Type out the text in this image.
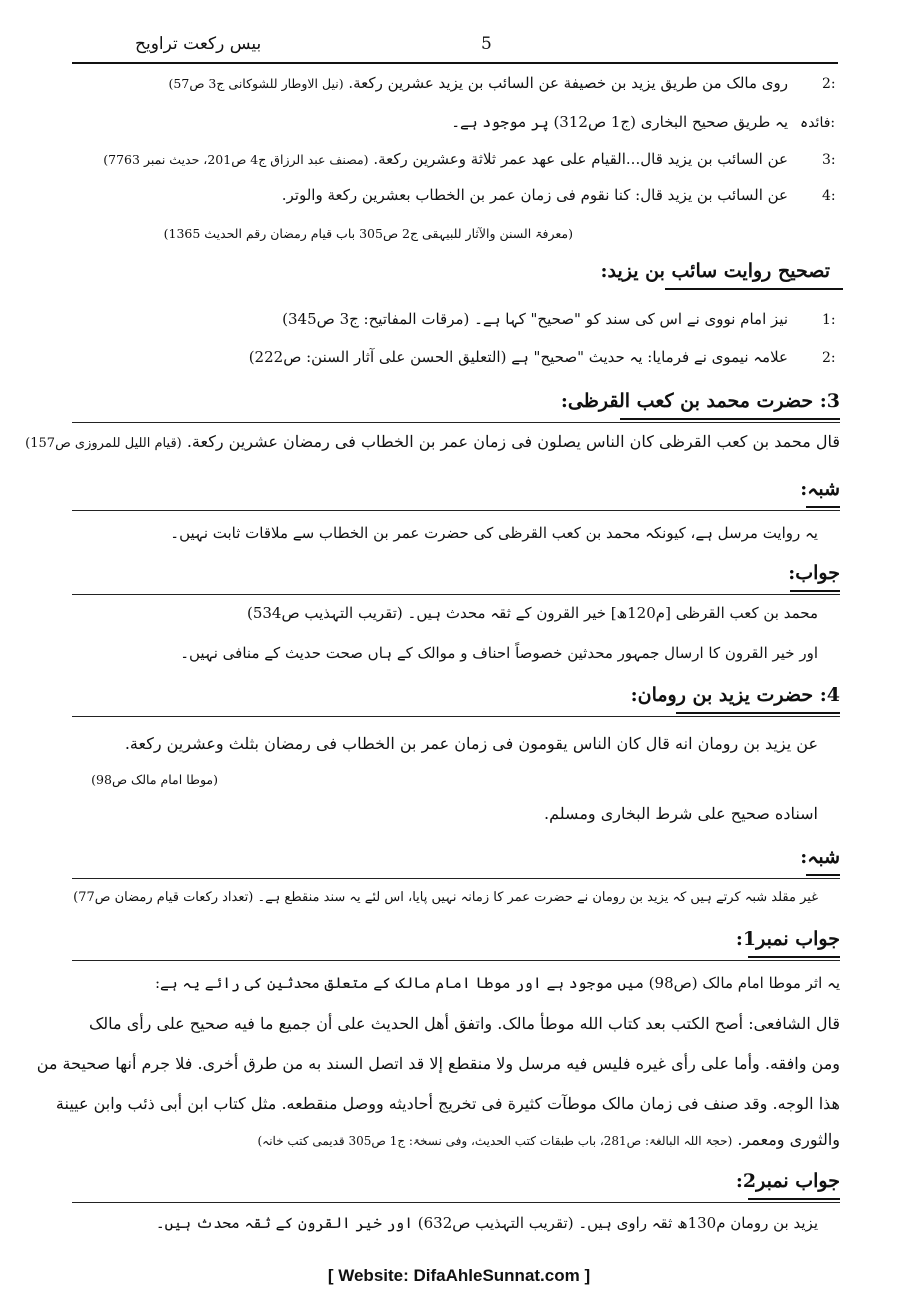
بیس رکعت تراویح	5
2:
روی مالک من طریق یزید بن خصیفة عن السائب بن یزید عشرین رکعة. (نیل الاوطار للشوکانی ج3 ص57)
فائدہ:
یہ طریق صحیح البخاری (ج1 ص312) پر موجود ہے۔
3:
عن السائب بن یزید قال...القیام علی عهد عمر ثلاثة وعشرین رکعة. (مصنف عبد الرزاق ج4 ص201، حدیث نمبر 7763)
4:
عن السائب بن یزید قال: کنا نقوم فی زمان عمر بن الخطاب بعشرین رکعة والوتر.
(معرفۃ السنن والآثار للبیہقی ج2 ص305 باب قیام رمضان رقم الحدیث 1365)
تصحیح روایت سائب بن یزید:
1:
نیز امام نووی نے اس کی سند کو "صحیح" کہا ہے۔ (مرقات المفاتیح: ج3 ص345)
2:
علامہ نیموی نے فرمایا: یہ حدیث "صحیح" ہے (التعلیق الحسن علی آثار السنن: ص222)
3: حضرت محمد بن کعب القرظی:
قال محمد بن کعب القرظی کان الناس یصلون فی زمان عمر بن الخطاب فی رمضان عشرین رکعة. (قیام اللیل للمروزی ص157)
شبہ:
یہ روایت مرسل ہے، کیونکہ محمد بن کعب القرظی کی حضرت عمر بن الخطاب سے ملاقات ثابت نہیں۔
جواب:
محمد بن کعب القرظی [م120ھ] خیر القرون کے ثقہ محدث ہیں۔ (تقریب التہذیب ص534)
اور خیر القرون کا ارسال جمہور محدثین خصوصاً احناف و موالک کے ہاں صحت حدیث کے منافی نہیں۔
4: حضرت یزید بن رومان:
عن یزید بن رومان انه قال کان الناس یقومون فی زمان عمر بن الخطاب فی رمضان بثلث وعشرین رکعة.
(موطا امام مالک ص98)
اسناده صحیح علی شرط البخاری ومسلم.
شبہ:
غیر مقلد شبہ کرتے ہیں کہ یزید بن رومان نے حضرت عمر کا زمانہ نہیں پایا، اس لئے یہ سند منقطع ہے۔ (تعداد رکعات قیام رمضان ص77)
جواب نمبر1:
یہ اثر موطا امام مالک (ص98) میں موجود ہے اور موطا امام مالک کے متعلق محدثین کی رائے یہ ہے:
قال الشافعی: أصح الکتب بعد کتاب الله موطأ مالک. واتفق أهل الحدیث علی أن جمیع ما فیه صحیح علی رأی مالک
ومن وافقه. وأما علی رأی غیره فلیس فیه مرسل ولا منقطع إلا قد اتصل السند به من طرق أخری. فلا جرم أنها صحیحة من
هذا الوجه. وقد صنف فی زمان مالک موطآت کثیرة فی تخریج أحادیثه ووصل منقطعه. مثل کتاب ابن أبی ذئب وابن عیینة
والثوری ومعمر. (حجۃ اللہ البالغۃ: ص281، باب طبقات کتب الحدیث، وفی نسخۃ: ج1 ص305 قدیمی کتب خانہ)
جواب نمبر2:
یزید بن رومان م130ھ ثقہ راوی ہیں۔ (تقریب التہذیب ص632) اور خیر القرون کے ثقہ محدث ہیں۔
[ Website: DifaAhleSunnat.com ]
